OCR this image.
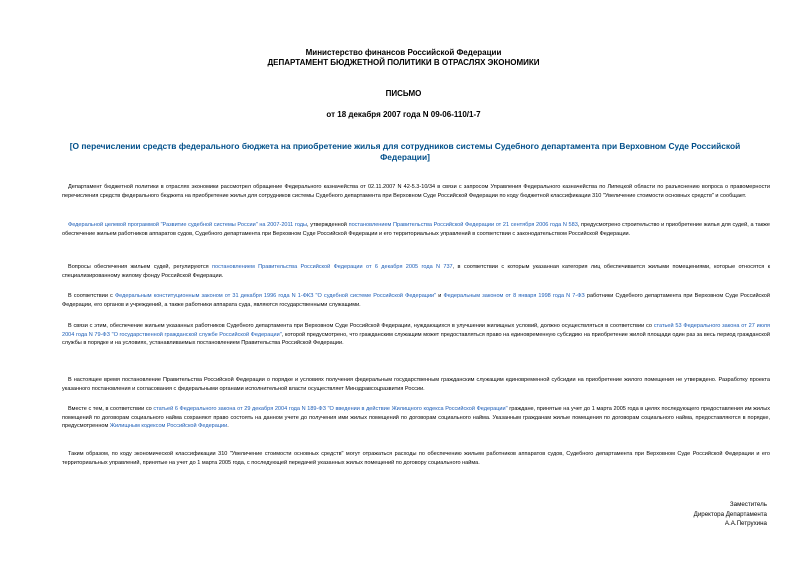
Министерство финансов Российской Федерации
ДЕПАРТАМЕНТ БЮДЖЕТНОЙ ПОЛИТИКИ В ОТРАСЛЯХ ЭКОНОМИКИ
ПИСЬМО
от 18 декабря 2007 года N 09-06-110/1-7
[О перечислении средств федерального бюджета на приобретение жилья для сотрудников системы Судебного департамента при Верховном Суде Российской Федерации]
Департамент бюджетной политики в отраслях экономики рассмотрел обращение Федерального казначейства от 02.11.2007 N 42-5.3-10/34 в связи с запросом Управления Федерального казначейства по Липецкой области по разъяснению вопроса о правомерности перечисления средств федерального бюджета на приобретение жилья для сотрудников системы Судебного департамента при Верховном Суде Российской Федерации по коду бюджетной классификации 310 "Увеличение стоимости основных средств" и сообщает.
Федеральной целевой программой "Развитие судебной системы России" на 2007-2011 годы, утвержденной постановлением Правительства Российской Федерации от 21 сентября 2006 года N 583, предусмотрено строительство и приобретение жилья для судей, а также обеспечение жильем работников аппаратов судов, Судебного департамента при Верховном Суде Российской Федерации и его территориальных управлений в соответствии с законодательством Российской Федерации.
Вопросы обеспечения жильем судей, регулируются постановлением Правительства Российской Федерации от 6 декабря 2005 года N 737, в соответствии с которым указанная категория лиц обеспечивается жилыми помещениями, которые относятся к специализированному жилому фонду Российской Федерации.
В соответствии с Федеральным конституционным законом от 31 декабря 1996 года N 1-ФКЗ "О судебной системе Российской Федерации" и Федеральным законом от 8 января 1998 года N 7-ФЗ работники Судебного департамента при Верховном Суде Российской Федерации, его органов и учреждений, а также работники аппарата суда, являются государственными служащими.
В связи с этим, обеспечение жильем указанных работников Судебного департамента при Верховном Суде Российской Федерации, нуждающихся в улучшении жилищных условий, должно осуществляться в соответствии со статьей 53 Федерального закона от 27 июля 2004 года N 79-ФЗ "О государственной гражданской службе Российской Федерации", которой предусмотрено, что гражданским служащим может предоставляться право на единовременную субсидию на приобретение жилой площади один раз за весь период гражданской службы в порядке и на условиях, устанавливаемых постановлением Правительства Российской Федерации.
В настоящее время постановление Правительства Российской Федерации о порядке и условиях получения федеральным государственным гражданским служащим единовременной субсидии на приобретение жилого помещения не утверждено. Разработку проекта указанного постановления и согласования с федеральными органами исполнительной власти осуществляет Минздравсоцразвития России.
Вместе с тем, в соответствии со статьей 6 Федерального закона от 29 декабря 2004 года N 189-ФЗ "О введении в действие Жилищного кодекса Российской Федерации" граждане, принятые на учет до 1 марта 2005 года в целях последующего предоставления им жилых помещений по договорам социального найма сохраняют право состоять на данном учете до получения ими жилых помещений по договорам социального найма. Указанным гражданам жилые помещения по договорам социального найма, предоставляются в порядке, предусмотренном Жилищным кодексом Российской Федерации.
Таким образом, по коду экономической классификации 310 "Увеличение стоимости основных средств" могут отражаться расходы по обеспечению жильем работников аппаратов судов, Судебного департамента при Верховном Суде Российской Федерации и его территориальных управлений, принятые на учет до 1 марта 2005 года, с последующей передачей указанных жилых помещений по договору социального найма.
Заместитель
Директора Департамента
А.А.Петрухина
